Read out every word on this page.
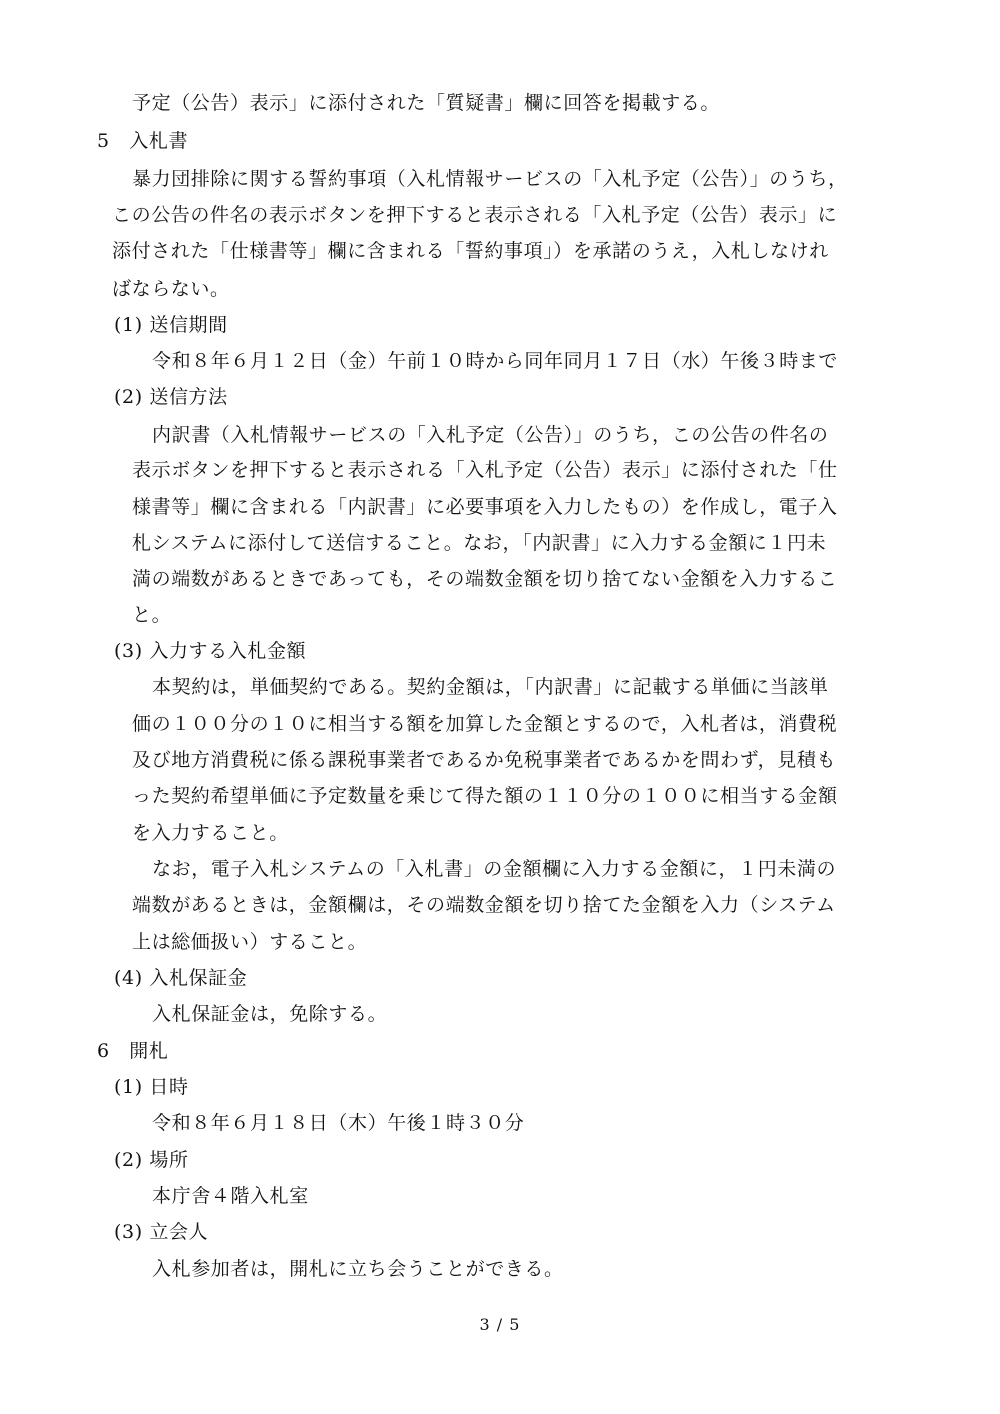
予定（公告）表示」に添付された「質疑書」欄に回答を掲載する。
5　入札書
暴力団排除に関する誓約事項（入札情報サービスの「入札予定（公告）」のうち，
この公告の件名の表示ボタンを押下すると表示される「入札予定（公告）表示」に
添付された「仕様書等」欄に含まれる「誓約事項」）を承諾のうえ，入札しなけれ
ばならない。
(1) 送信期間
令和８年６月１２日（金）午前１０時から同年同月１７日（水）午後３時まで
(2) 送信方法
内訳書（入札情報サービスの「入札予定（公告）」のうち，この公告の件名の
表示ボタンを押下すると表示される「入札予定（公告）表示」に添付された「仕
様書等」欄に含まれる「内訳書」に必要事項を入力したもの）を作成し，電子入
札システムに添付して送信すること。なお，「内訳書」に入力する金額に１円未
満の端数があるときであっても，その端数金額を切り捨てない金額を入力するこ
と。
(3) 入力する入札金額
本契約は，単価契約である。契約金額は，「内訳書」に記載する単価に当該単
価の１００分の１０に相当する額を加算した金額とするので，入札者は，消費税
及び地方消費税に係る課税事業者であるか免税事業者であるかを問わず，見積も
った契約希望単価に予定数量を乗じて得た額の１１０分の１００に相当する金額
を入力すること。
なお，電子入札システムの「入札書」の金額欄に入力する金額に，１円未満の
端数があるときは，金額欄は，その端数金額を切り捨てた金額を入力（システム
上は総価扱い）すること。
(4) 入札保証金
入札保証金は，免除する。
6　開札
(1) 日時
令和８年６月１８日（木）午後１時３０分
(2) 場所
本庁舎４階入札室
(3) 立会人
入札参加者は，開札に立ち会うことができる。
3 / 5
